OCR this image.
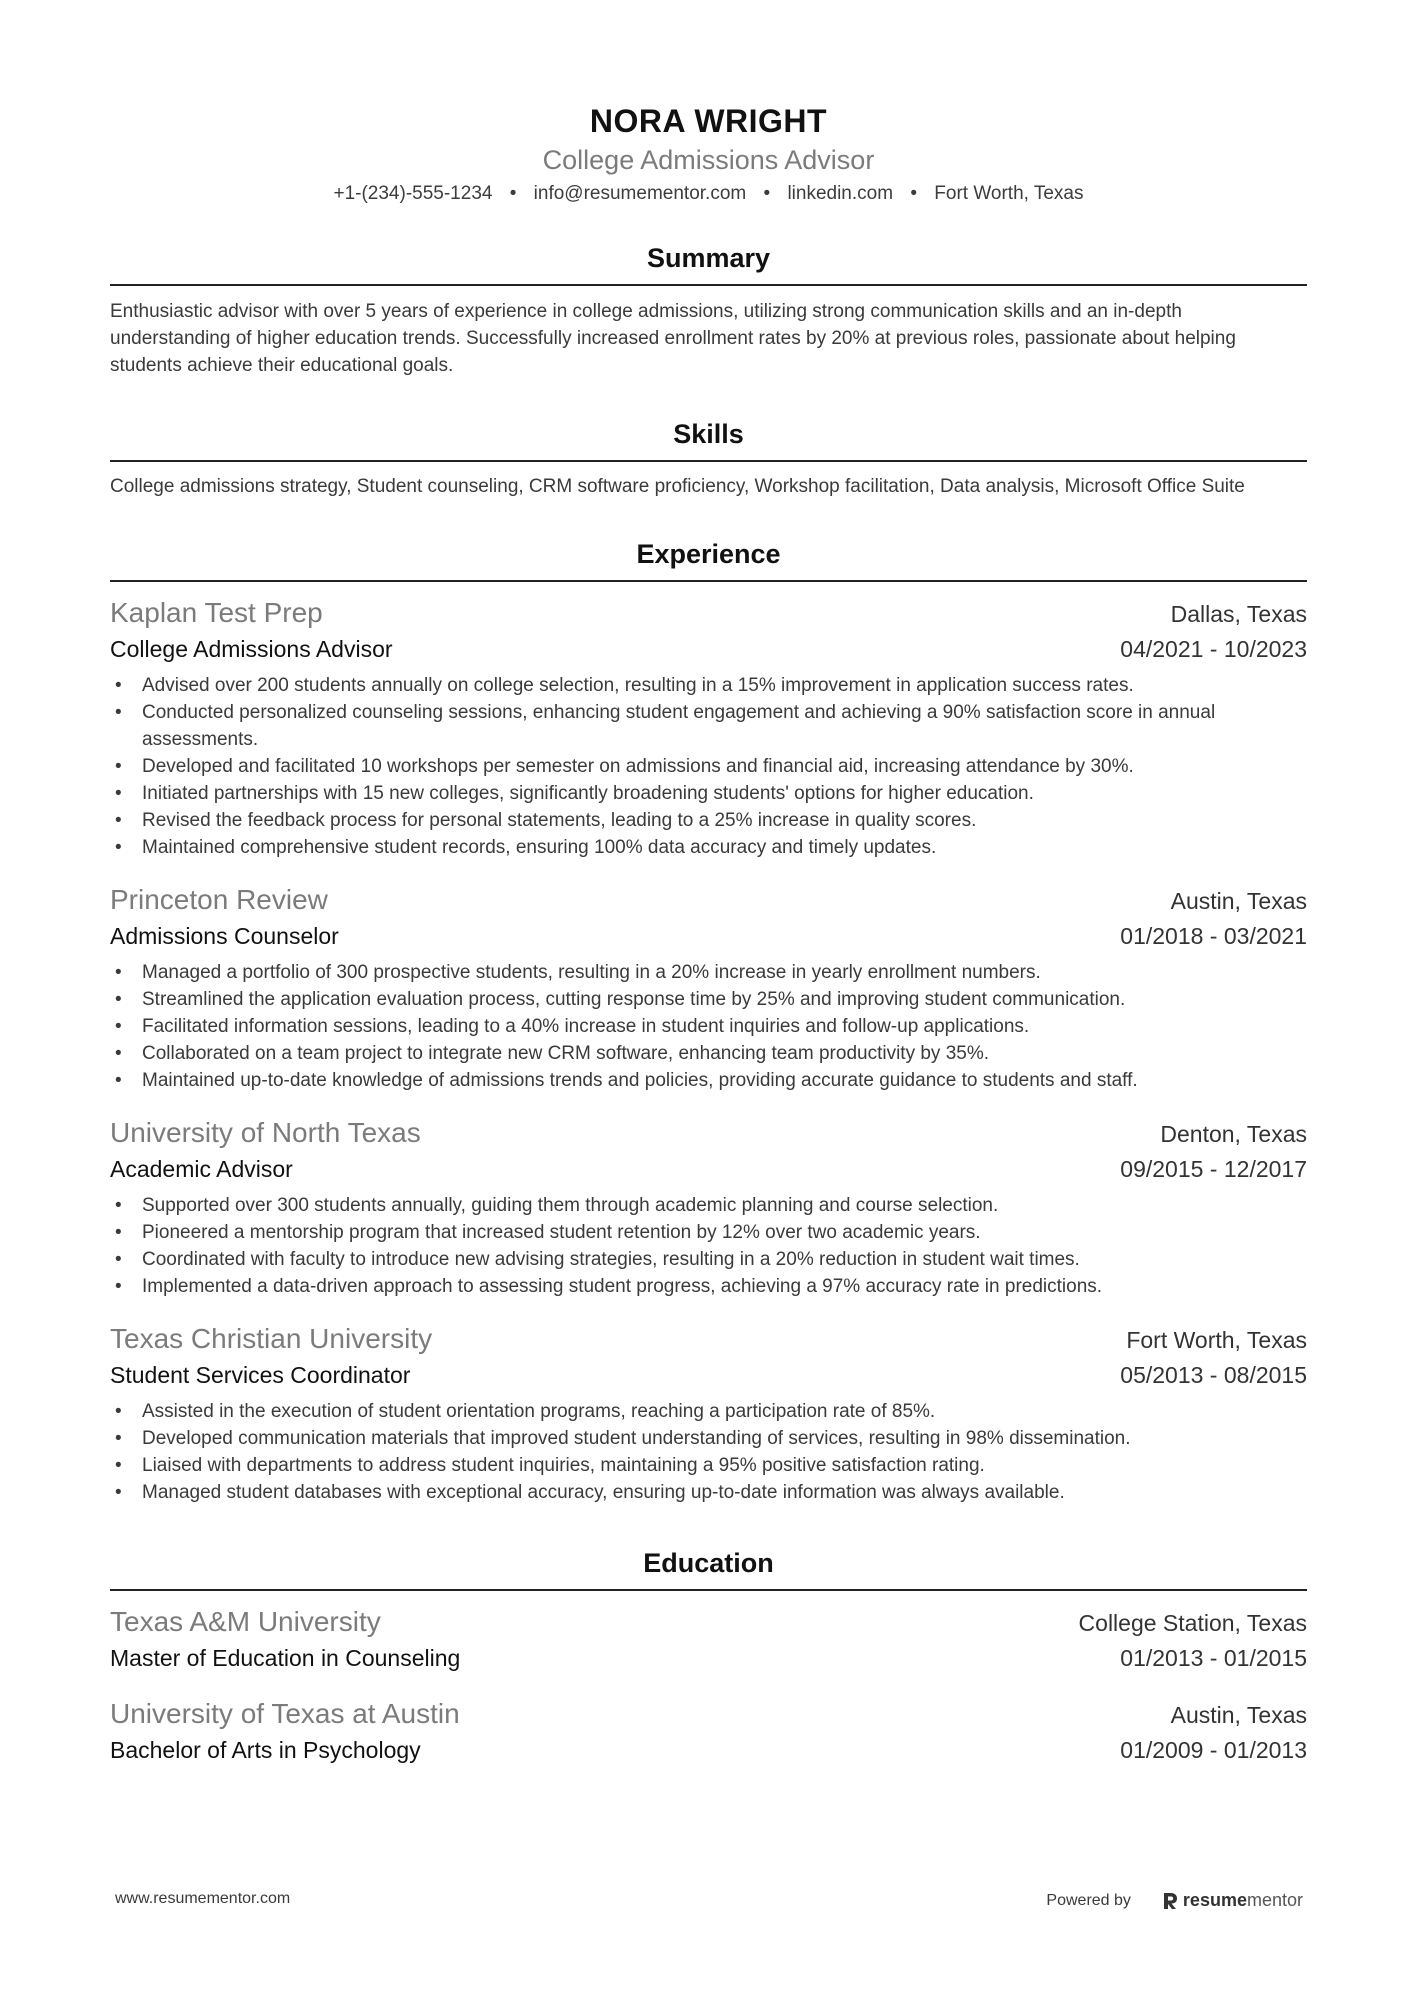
NORA WRIGHT
College Admissions Advisor
+1-(234)-555-1234 • info@resumementor.com • linkedin.com • Fort Worth, Texas
Summary
Enthusiastic advisor with over 5 years of experience in college admissions, utilizing strong communication skills and an in-depth understanding of higher education trends. Successfully increased enrollment rates by 20% at previous roles, passionate about helping students achieve their educational goals.
Skills
College admissions strategy, Student counseling, CRM software proficiency, Workshop facilitation, Data analysis, Microsoft Office Suite
Experience
Kaplan Test Prep	Dallas, Texas
College Admissions Advisor	04/2021 - 10/2023
• Advised over 200 students annually on college selection, resulting in a 15% improvement in application success rates.
• Conducted personalized counseling sessions, enhancing student engagement and achieving a 90% satisfaction score in annual assessments.
• Developed and facilitated 10 workshops per semester on admissions and financial aid, increasing attendance by 30%.
• Initiated partnerships with 15 new colleges, significantly broadening students' options for higher education.
• Revised the feedback process for personal statements, leading to a 25% increase in quality scores.
• Maintained comprehensive student records, ensuring 100% data accuracy and timely updates.
Princeton Review	Austin, Texas
Admissions Counselor	01/2018 - 03/2021
• Managed a portfolio of 300 prospective students, resulting in a 20% increase in yearly enrollment numbers.
• Streamlined the application evaluation process, cutting response time by 25% and improving student communication.
• Facilitated information sessions, leading to a 40% increase in student inquiries and follow-up applications.
• Collaborated on a team project to integrate new CRM software, enhancing team productivity by 35%.
• Maintained up-to-date knowledge of admissions trends and policies, providing accurate guidance to students and staff.
University of North Texas	Denton, Texas
Academic Advisor	09/2015 - 12/2017
• Supported over 300 students annually, guiding them through academic planning and course selection.
• Pioneered a mentorship program that increased student retention by 12% over two academic years.
• Coordinated with faculty to introduce new advising strategies, resulting in a 20% reduction in student wait times.
• Implemented a data-driven approach to assessing student progress, achieving a 97% accuracy rate in predictions.
Texas Christian University	Fort Worth, Texas
Student Services Coordinator	05/2013 - 08/2015
• Assisted in the execution of student orientation programs, reaching a participation rate of 85%.
• Developed communication materials that improved student understanding of services, resulting in 98% dissemination.
• Liaised with departments to address student inquiries, maintaining a 95% positive satisfaction rating.
• Managed student databases with exceptional accuracy, ensuring up-to-date information was always available.
Education
Texas A&M University	College Station, Texas
Master of Education in Counseling	01/2013 - 01/2015
University of Texas at Austin	Austin, Texas
Bachelor of Arts in Psychology	01/2009 - 01/2013
www.resumementor.com	Powered by	resume mentor
